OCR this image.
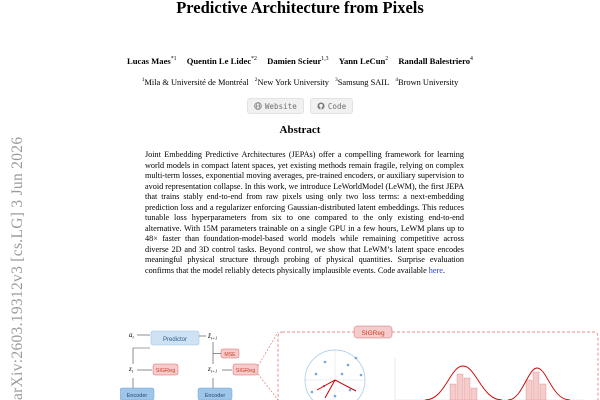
Predictive Architecture from Pixels
Lucas Maes$^{*1}$ Quentin Le Lidec$^{*2}$ Damien Scieur$^{1,3}$ Yann LeCun$^2$ Randall Balestriero$^4$
$^1$Mila & Université de Montréal $^2$New York University $^3$Samsung SAIL $^4$Brown University
Website	Code
Abstract
Joint Embedding Predictive Architectures (JEPAs) offer a compelling framework for learning world models in compact latent spaces, yet existing methods remain fragile, relying on complex multi-term losses, exponential moving averages, pre-trained encoders, or auxiliary supervision to avoid representation collapse. In this work, we introduce LeWorldModel (LeWM), the first JEPA that trains stably end-to-end from raw pixels using only two loss terms: a next-embedding prediction loss and a regularizer enforcing Gaussian-distributed latent embeddings. This reduces tunable loss hyperparameters from six to one compared to the only existing end-to-end alternative. With 15M parameters trainable on a single GPU in a few hours, LeWM plans up to 48× faster than foundation-model-based world models while remaining competitive across diverse 2D and 3D control tasks. Beyond control, we show that LeWM’s latent space encodes meaningful physical structure through probing of physical quantities. Surprise evaluation confirms that the model reliably detects physically implausible events. Code available here.
arXiv:2603.19312v3 [cs.LG] 3 Jun 2026	Predictor
$a_t$
$z_t$	SIGReg
ẑ$_{t+1}$
MSE
$z_{t+1}$	SIGReg
Encoder	Encoder
SIGReg
